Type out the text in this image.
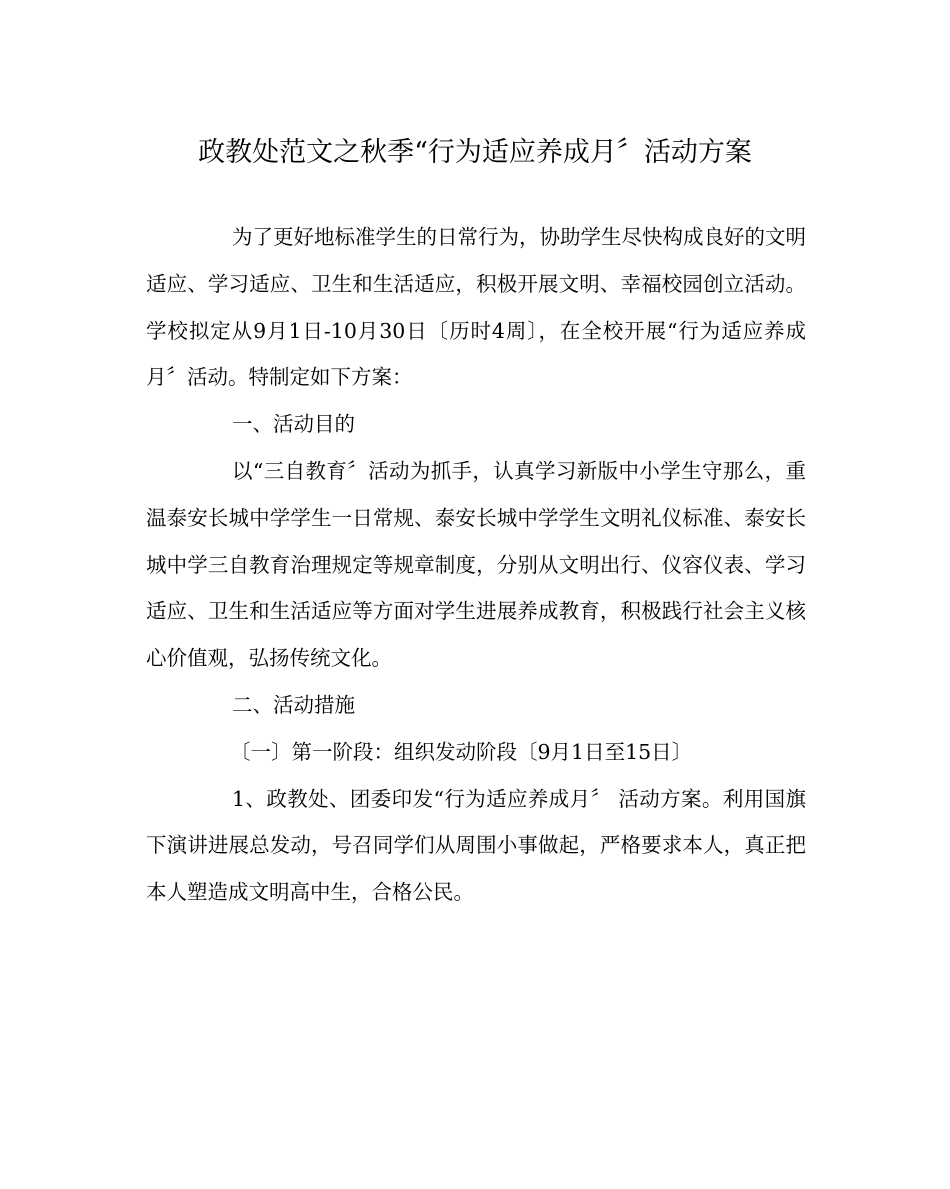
政教处范文之秋季“行为适应养成月〞活动方案

为了更好地标准学生的日常行为，协助学生尽快构成良好的文明适应、学习适应、卫生和生活适应，积极开展文明、幸福校园创立活动。学校拟定从9月1日-10月30日〔历时4周〕，在全校开展“行为适应养成月〞活动。特制定如下方案：

一、活动目的

以“三自教育〞活动为抓手，认真学习新版中小学生守那么，重温泰安长城中学学生一日常规、泰安长城中学学生文明礼仪标准、泰安长城中学三自教育治理规定等规章制度，分别从文明出行、仪容仪表、学习适应、卫生和生活适应等方面对学生进展养成教育，积极践行社会主义核心价值观，弘扬传统文化。

二、活动措施

〔一〕第一阶段：组织发动阶段〔9月1日至15日〕

1、政教处、团委印发“行为适应养成月〞 活动方案。利用国旗下演讲进展总发动，号召同学们从周围小事做起，严格要求本人，真正把本人塑造成文明高中生，合格公民。
